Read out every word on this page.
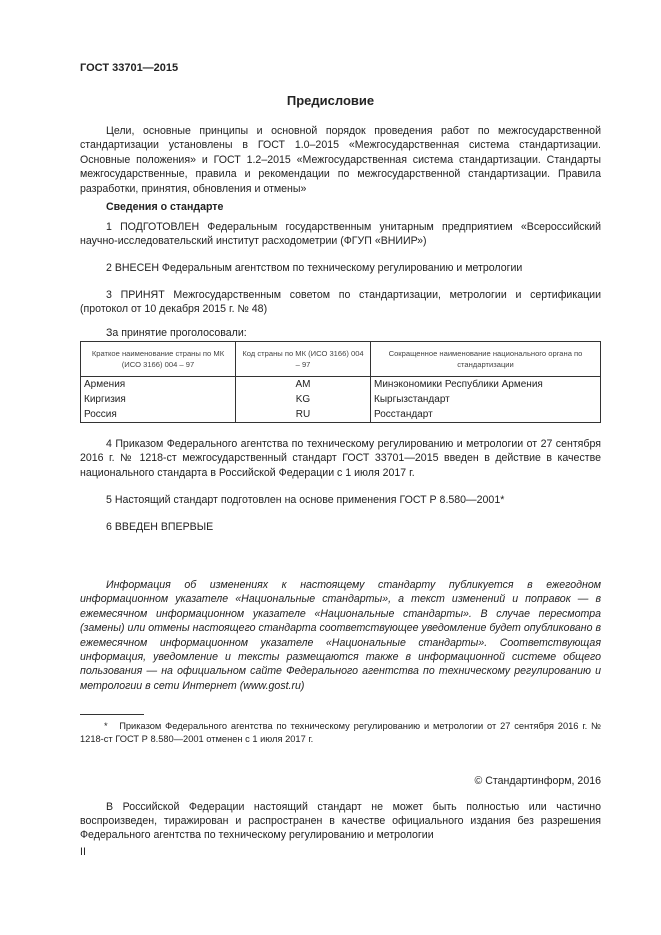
ГОСТ 33701—2015
Предисловие
Цели, основные принципы и основной порядок проведения работ по межгосударственной стандартизации установлены в ГОСТ 1.0–2015 «Межгосударственная система стандартизации. Основные положения» и ГОСТ 1.2–2015 «Межгосударственная система стандартизации. Стандарты межгосударственные, правила и рекомендации по межгосударственной стандартизации. Правила разработки, принятия, обновления и отмены»
Сведения о стандарте
1 ПОДГОТОВЛЕН Федеральным государственным унитарным предприятием «Всероссийский научно-исследовательский институт расходометрии (ФГУП «ВНИИР»)
2 ВНЕСЕН Федеральным агентством по техническому регулированию и метрологии
3 ПРИНЯТ Межгосударственным советом по стандартизации, метрологии и сертификации (протокол от 10 декабря 2015 г. № 48)
За принятие проголосовали:
Краткое наименование страны по МК (ИСО 3166) 004 – 97	Код страны по МК (ИСО 3166) 004 – 97	Сокращенное наименование национального органа по стандартизации
Армения	AM	Минэкономики Республики Армения
Киргизия	KG	Кыргызстандарт
Россия	RU	Росстандарт
4 Приказом Федерального агентства по техническому регулированию и метрологии от 27 сентября 2016 г. № 1218-ст межгосударственный стандарт ГОСТ 33701—2015 введен в действие в качестве национального стандарта в Российской Федерации с 1 июля 2017 г.
5 Настоящий стандарт подготовлен на основе применения ГОСТ Р 8.580—2001*
6 ВВЕДЕН ВПЕРВЫЕ
Информация об изменениях к настоящему стандарту публикуется в ежегодном информационном указателе «Национальные стандарты», а текст изменений и поправок — в ежемесячном информационном указателе «Национальные стандарты». В случае пересмотра (замены) или отмены настоящего стандарта соответствующее уведомление будет опубликовано в ежемесячном информационном указателе «Национальные стандарты». Соответствующая информация, уведомление и тексты размещаются также в информационной системе общего пользования — на официальном сайте Федерального агентства по техническому регулированию и метрологии в сети Интернет (www.gost.ru)
* Приказом Федерального агентства по техническому регулированию и метрологии от 27 сентября 2016 г. № 1218-ст ГОСТ Р 8.580—2001 отменен с 1 июля 2017 г.
© Стандартинформ, 2016
В Российской Федерации настоящий стандарт не может быть полностью или частично воспроизведен, тиражирован и распространен в качестве официального издания без разрешения Федерального агентства по техническому регулированию и метрологии
II
